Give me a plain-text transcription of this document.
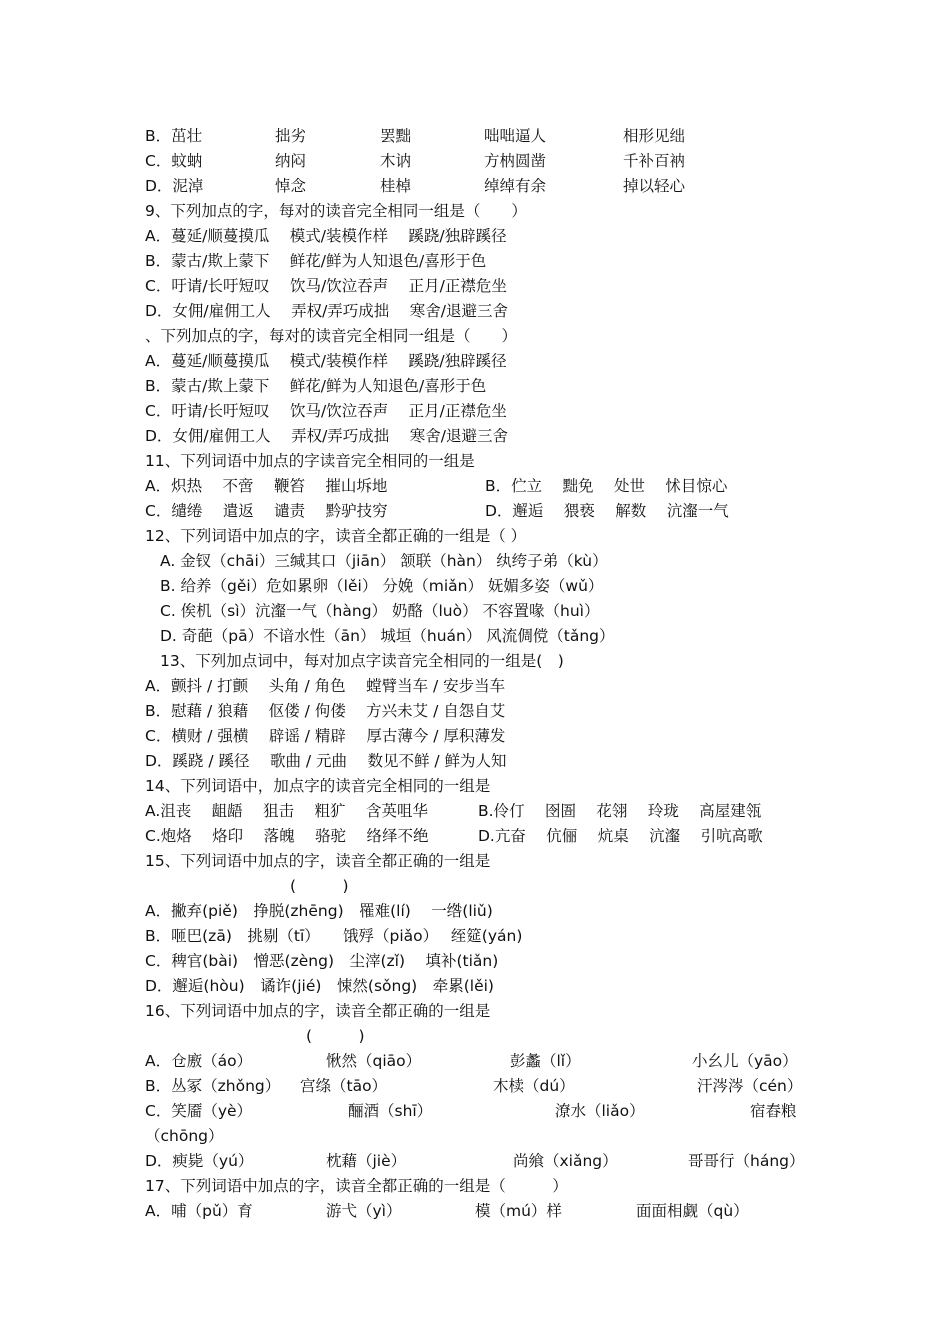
B．茁壮	拙劣	罢黜	咄咄逼人	相形见绌
C．蚊蚋	纳闷	木讷	方枘圆凿	千补百衲
D．泥淖	悼念	桂棹	绰绰有余	掉以轻心
9、下列加点的字，每对的读音完全相同一组是（　　）
A．蔓延/顺蔓摸瓜　 模式/装模作样　 蹊跷/独辟蹊径
B．蒙古/欺上蒙下　 鲜花/鲜为人知退色/喜形于色
C．吁请/长吁短叹　 饮马/饮泣吞声　 正月/正襟危坐
D．女佣/雇佣工人　 弄权/弄巧成拙　 寒舍/退避三舍
、下列加点的字，每对的读音完全相同一组是（　　）
A．蔓延/顺蔓摸瓜　 模式/装模作样　 蹊跷/独辟蹊径
B．蒙古/欺上蒙下　 鲜花/鲜为人知退色/喜形于色
C．吁请/长吁短叹　 饮马/饮泣吞声　 正月/正襟危坐
D．女佣/雇佣工人　 弄权/弄巧成拙　 寒舍/退避三舍
11、下列词语中加点的字读音完全相同的一组是
A．炽热　 不啻　 鞭笞　 摧山坼地	B．伫立　 黜免　 处世　 怵目惊心
C．缱绻　 遣返　 谴责　 黔驴技穷	D．邂逅　 猥亵　 解数　 沆瀣一气
12、下列词语中加点的字，读音全都正确的一组是（ ）
A. 金钗（chāi）三缄其口（jiān） 颔联（hàn） 纨绔子弟（kù）
B. 给养（gěi）危如累卵（lěi） 分娩（miǎn） 妩媚多姿（wǔ）
C. 俟机（sì）沆瀣一气（hàng） 奶酪（luò） 不容置喙（huì）
D. 奇葩（pā）不谙水性（ān） 城垣（huán） 风流倜傥（tǎng）
13、下列加点词中，每对加点字读音完全相同的一组是(　)
A．颤抖 / 打颤　 头角 / 角色　 螳臂当车 / 安步当车
B．慰藉 / 狼藉　 伛偻 / 佝偻　 方兴未艾 / 自怨自艾
C．横财 / 强横　 辟谣 / 精辟　 厚古薄今 / 厚积薄发
D．蹊跷 / 蹊径　 歌曲 / 元曲　 数见不鲜 / 鲜为人知
14、下列词语中，加点字的读音完全相同的一组是
A.沮丧　 龃龉　 狙击　 粗犷　 含英咀华	B.伶仃　 囹圄　 花翎　 玲珑　 高屋建瓴
C.炮烙　 烙印　 落魄　 骆驼　 络绎不绝	D.亢奋　 伉俪　 炕桌　 沆瀣　 引吭高歌
15、下列词语中加点的字，读音全都正确的一组是
(　　　)
A．撇弃(piě)　挣脱(zhēng)　罹难(lí)　 一绺(liǔ)
B．咂巴(zā)　挑剔（tī）　　饿殍（piǎo）　 绖筵(yán)
C．稗官(bài)　憎恶(zèng)　尘滓(zǐ)　 填补(tiǎn)
D．邂逅(hòu)　谲诈(jié)　悚然(sǒng)　牵累(lěi)
16、下列词语中加点的字，读音全都正确的一组是
(　　　)
A．仓廒（áo）	愀然（qiāo）	彭蠡（lǐ）	小幺儿（yāo）
B．丛冢（zhǒng） 宫绦（tāo）	木椟（dú）	汗涔涔（cén）
C．笑靥（yè）	酾酒（shī）	潦水（liǎo）	宿舂粮
（chōng）
D．瘐毙（yú）	枕藉（jiè）	尚飨（xiǎng）	哥哥行（háng）
17、下列词语中加点的字，读音全都正确的一组是（　　　）
A．哺（pǔ）育	游弋（yì）	模（mú）样	面面相觑（qù）
